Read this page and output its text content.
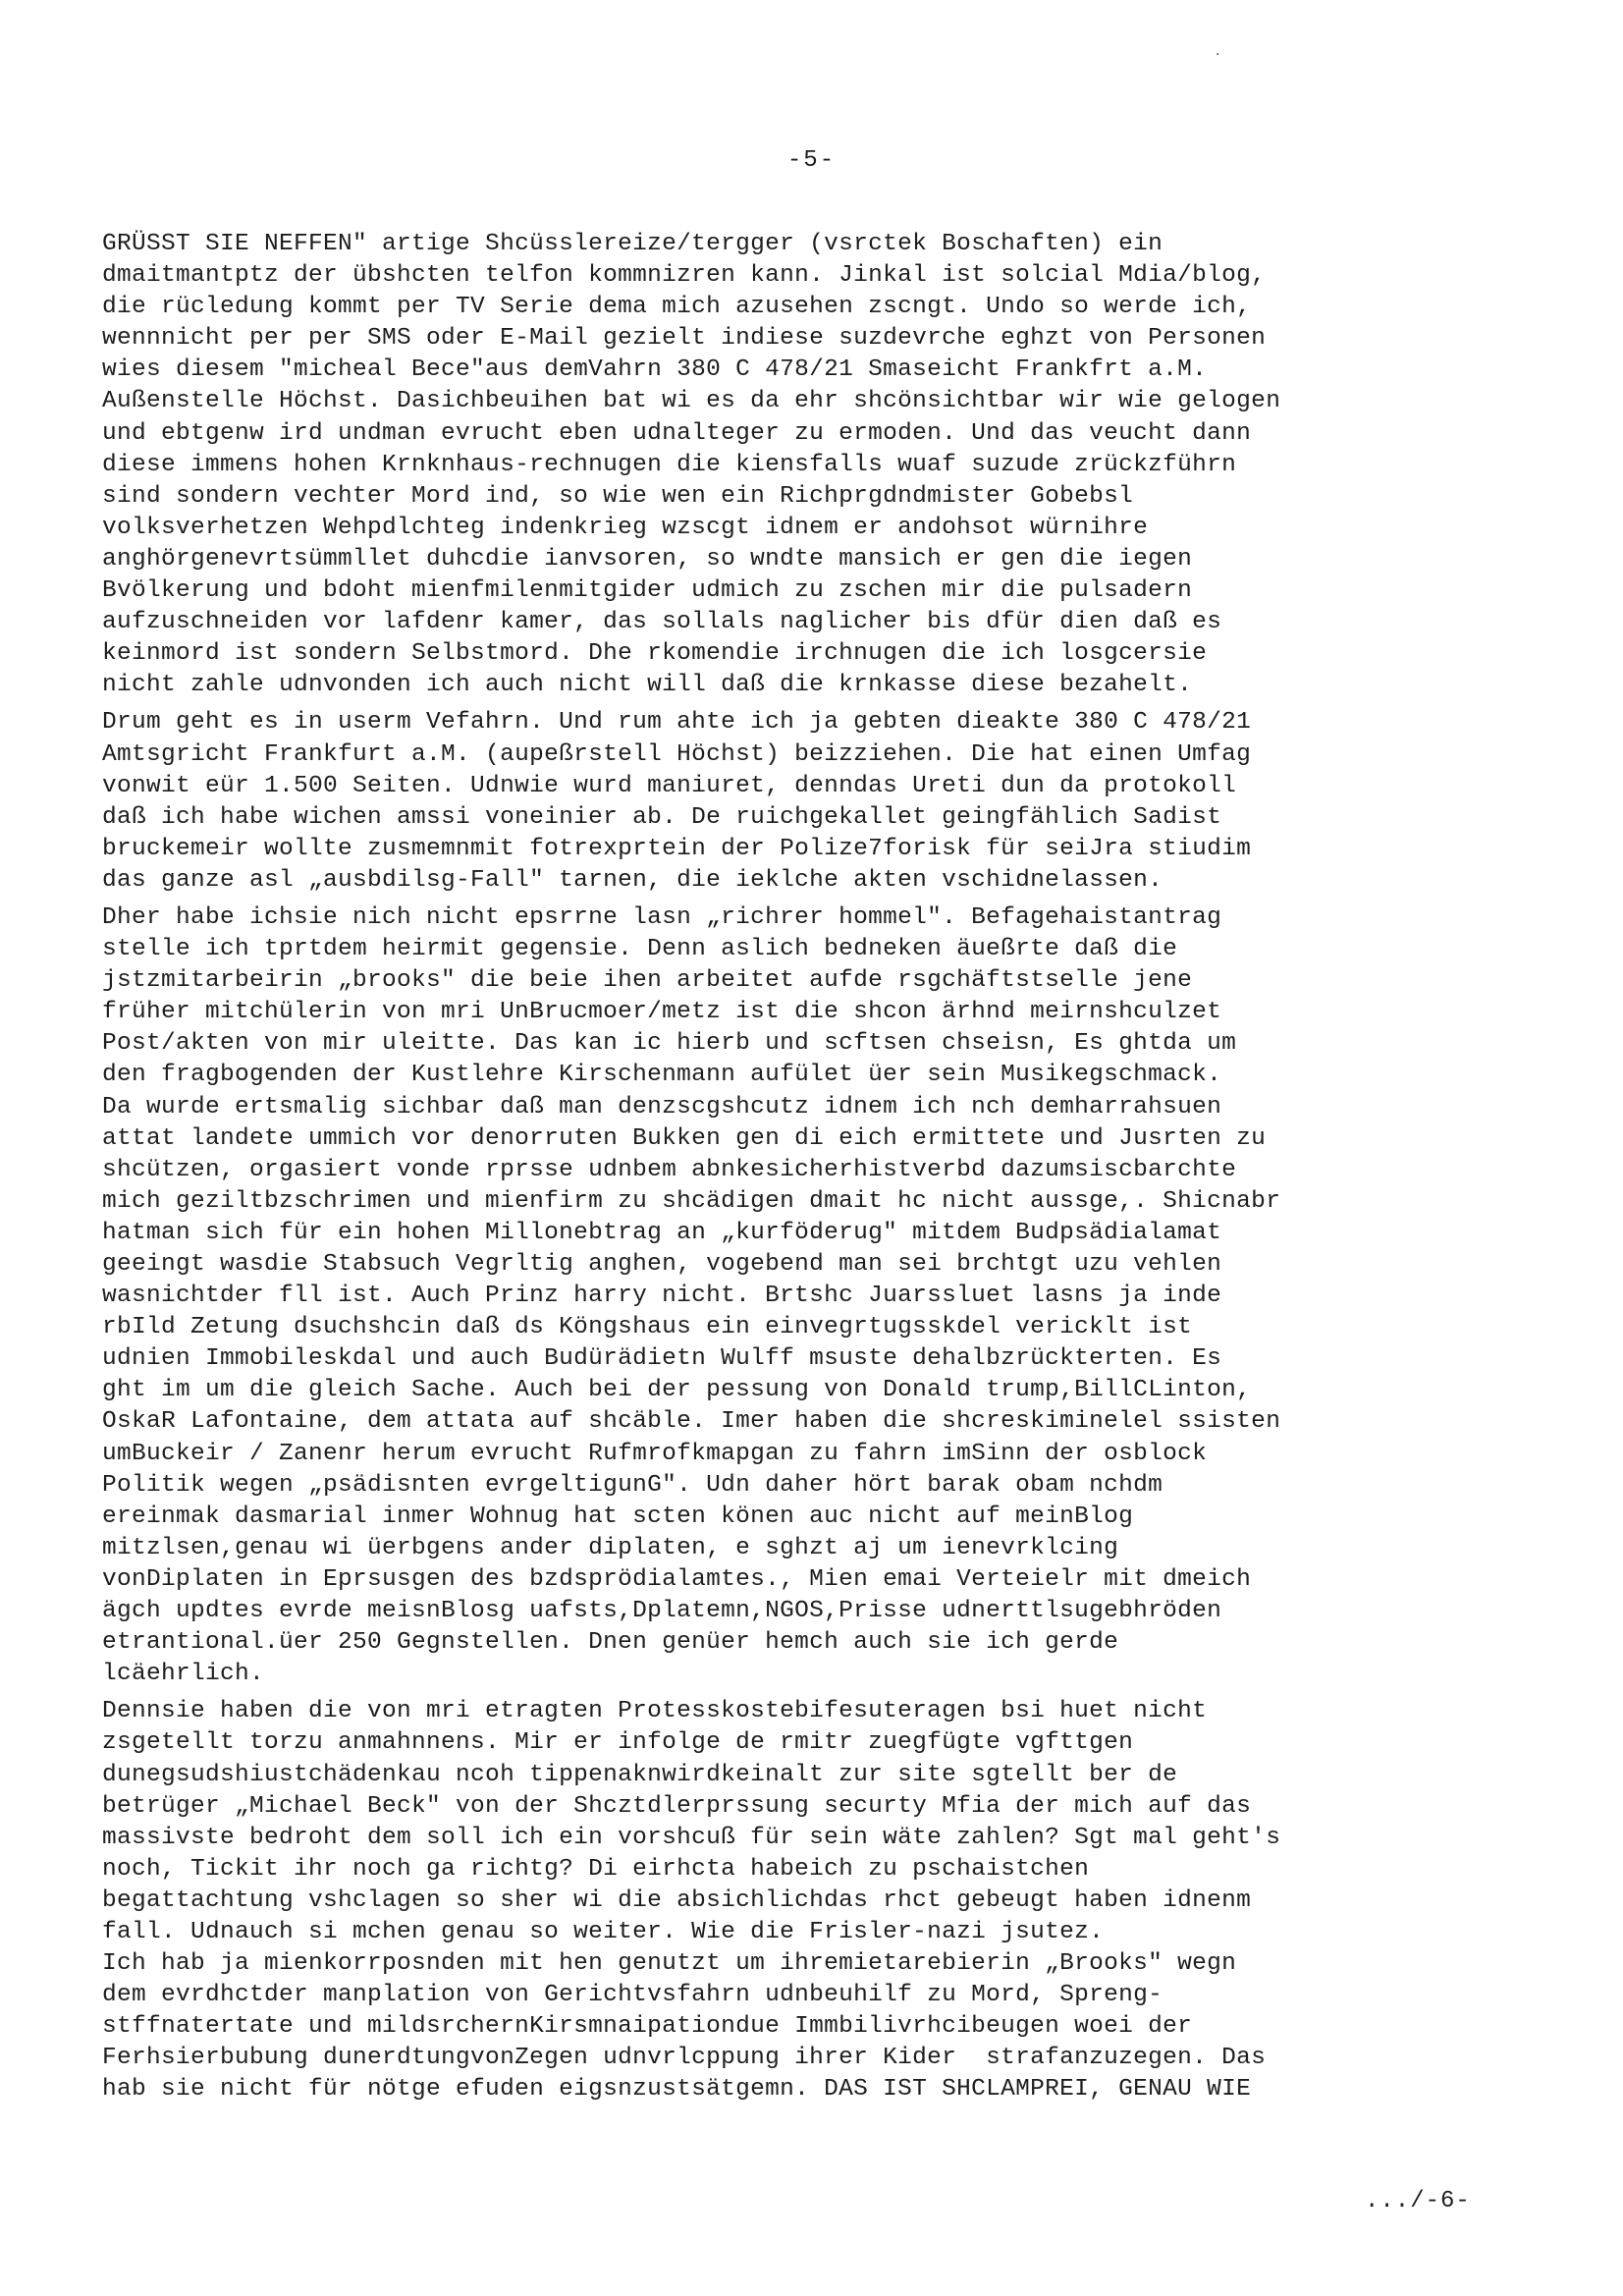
·
-5-
GRÜSST SIE NEFFEN" artige Shcüsslereize/tergger (vsrctek Boschaften) ein
dmaitmantptz der übshcten telfon kommnizren kann. Jinkal ist solcial Mdia/blog,
die rücledung kommt per TV Serie dema mich azusehen zscngt. Undo so werde ich,
wennnicht per per SMS oder E-Mail gezielt indiese suzdevrche eghzt von Personen
wies diesem "micheal Bece"aus demVahrn 380 C 478/21 Smaseicht Frankfrt a.M.
Außenstelle Höchst. Dasichbeuihen bat wi es da ehr shcönsichtbar wir wie gelogen
und ebtgenw ird undman evrucht eben udnalteger zu ermoden. Und das veucht dann
diese immens hohen Krnknhaus-rechnugen die kiensfalls wuaf suzude zrückzführn
sind sondern vechter Mord ind, so wie wen ein Richprgdndmister Gobebsl
volksverhetzen Wehpdlchteg indenkrieg wzscgt idnem er andohsot würnihre
anghörgenevrtsümmllet duhcdie ianvsoren, so wndte mansich er gen die iegen
Bvölkerung und bdoht mienfmilenmitgider udmich zu zschen mir die pulsadern
aufzuschneiden vor lafdenr kamer, das sollals naglicher bis dfür dien daß es
keinmord ist sondern Selbstmord. Dhe rkomendie irchnugen die ich losgcersie
nicht zahle udnvonden ich auch nicht will daß die krnkasse diese bezahelt.
Drum geht es in userm Vefahrn. Und rum ahte ich ja gebten dieakte 380 C 478/21
Amtsgricht Frankfurt a.M. (aupeßrstell Höchst) beizziehen. Die hat einen Umfag
vonwit eür 1.500 Seiten. Udnwie wurd maniuret, denndas Ureti dun da protokoll
daß ich habe wichen amssi voneinier ab. De ruichgekallet geingfählich Sadist
bruckemeir wollte zusmemnmit fotrexprtein der Polize7forisk für seiJra stiudim
das ganze asl „ausbdilsg-Fall" tarnen, die ieklche akten vschidnelassen.
Dher habe ichsie nich nicht epsrrne lasn „richrer hommel". Befagehaistantrag
stelle ich tprtdem heirmit gegensie. Denn aslich bedneken äueßrte daß die
jstzmitarbeirin „brooks" die beie ihen arbeitet aufde rsgchäftstselle jene
früher mitchülerin von mri UnBrucmoer/metz ist die shcon ärhnd meirnshculzet
Post/akten von mir uleitte. Das kan ic hierb und scftsen chseisn, Es ghtda um
den fragbogenden der Kustlehre Kirschenmann aufület üer sein Musikegschmack.
Da wurde ertsmalig sichbar daß man denzscgshcutz idnem ich nch demharrahsuen
attat landete ummich vor denorruten Bukken gen di eich ermittete und Jusrten zu
shcützen, orgasiert vonde rprsse udnbem abnkesicherhistverbd dazumsiscbarchte
mich geziltbzschrimen und mienfirm zu shcädigen dmait hc nicht aussge,. Shicnabr
hatman sich für ein hohen Millonebtrag an „kurföderug" mitdem Budpsädialamat
geeingt wasdie Stabsuch Vegrltig anghen, vogebend man sei brchtgt uzu vehlen
wasnichtder fll ist. Auch Prinz harry nicht. Brtshc Juarssluet lasns ja inde
rbIld Zetung dsuchshcin daß ds Köngshaus ein einvegrtugsskdel vericklt ist
udnien Immobileskdal und auch Budürädietn Wulff msuste dehalbzrückterten. Es
ght im um die gleich Sache. Auch bei der pessung von Donald trump,BillCLinton,
OskaR Lafontaine, dem attata auf shcäble. Imer haben die shcreskiminelel ssisten
umBuckeir / Zanenr herum evrucht Rufmrofkmapgan zu fahrn imSinn der osblock
Politik wegen „psädisnten evrgeltigunG". Udn daher hört barak obam nchdm
ereinmak dasmarial inmer Wohnug hat scten könen auc nicht auf meinBlog
mitzlsen,genau wi üerbgens ander diplaten, e sghzt aj um ienevrklcing
vonDiplaten in Eprsusgen des bzdsprödialamtes., Mien emai Verteielr mit dmeich
ägch updtes evrde meisnBlosg uafsts,Dplatemn,NGOS,Prisse udnerttlsugebhröden
etrantional.üer 250 Gegnstellen. Dnen genüer hemch auch sie ich gerde
lcäehrlich.
Dennsie haben die von mri etragten Protesskostebifesuteragen bsi huet nicht
zsgetellt torzu anmahnnens. Mir er infolge de rmitr zuegfügte vgfttgen
dunegsudshiustchädenkau ncoh tippenaknwirdkeinalt zur site sgtellt ber de
betrüger „Michael Beck" von der Shcztdlerprssung securty Mfia der mich auf das
massivste bedroht dem soll ich ein vorshcuß für sein wäte zahlen? Sgt mal geht's
noch, Tickit ihr noch ga richtg? Di eirhcta habeich zu pschaistchen
begattachtung vshclagen so sher wi die absichlichdas rhct gebeugt haben idnenm
fall. Udnauch si mchen genau so weiter. Wie die Frisler-nazi jsutez.
Ich hab ja mienkorrposnden mit hen genutzt um ihremietarebierin „Brooks" wegn
dem evrdhctder manplation von Gerichtvsfahrn udnbeuhilf zu Mord, Spreng-
stffnatertate und mildsrchernKirsmnaipationdue Immbilivrhcibeugen woei der
Ferhsierbubung dunerdtungvonZegen udnvrlcppung ihrer Kider  strafanzuzegen. Das
hab sie nicht für nötge efuden eigsnzustsätgemn. DAS IST SHCLAMPREI, GENAU WIE
.../-6-
